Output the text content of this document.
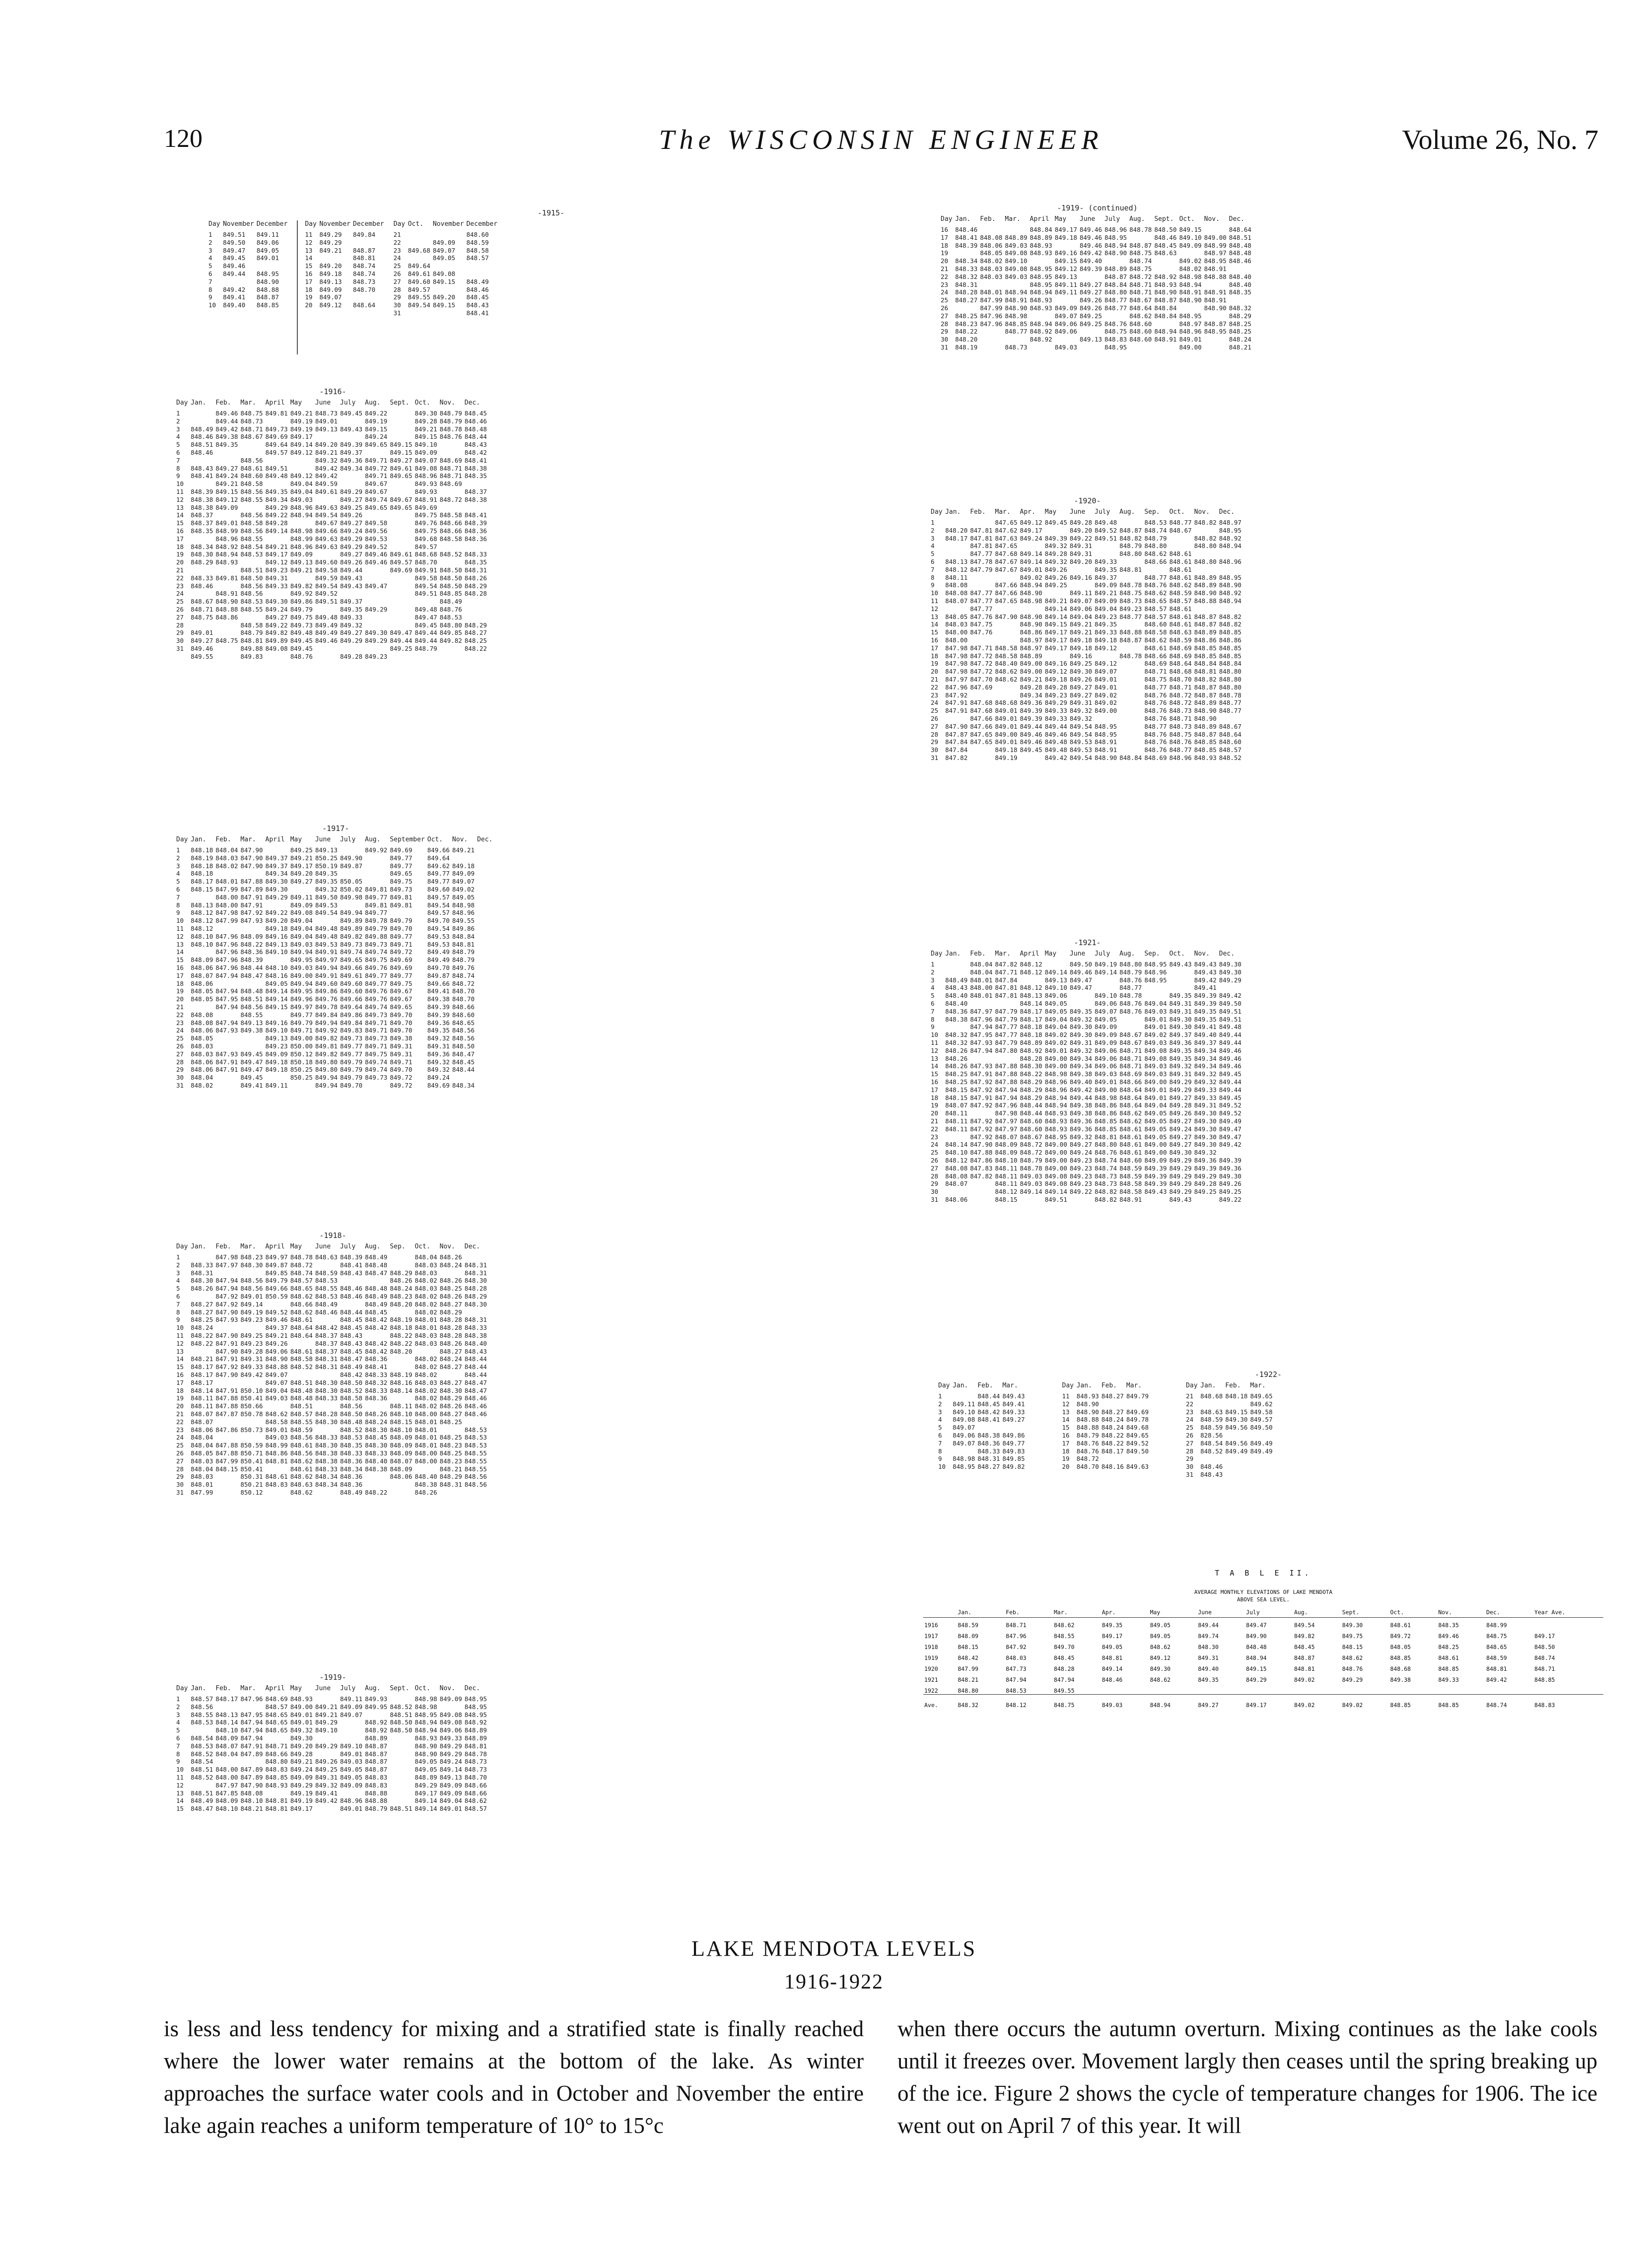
120	The WISCONSIN ENGINEER	Volume 26, No. 7
-1915-
Day	November	December
1	849.51	849.11
2	849.50	849.06
3	849.47	849.05
4	849.45	849.01
5	849.46	
6	849.44	848.95
7		848.90
8	849.42	848.88
9	849.41	848.87
10	849.40	848.85
Day	November	December
11	849.29	849.84
12	849.29	
13	849.21	848.87
14		848.81
15	849.20	848.74
16	849.18	848.74
17	849.13	848.73
18	849.09	848.70
19	849.07	
20	849.12	848.64
Day	Oct.	November	December
21			848.60
22		849.09	848.59
23	849.68	849.07	848.58
24		849.05	848.57
25	849.64		
26	849.61	849.08	
27	849.60	849.15	848.49
28	849.57		848.46
29	849.55	849.20	848.45
30	849.54	849.15	848.43
31			848.41
-1916-
Day	Jan.	Feb.	Mar.	April	May	June	July	Aug.	Sept.	Oct.	Nov.	Dec.
1		849.46	848.75	849.81	849.21	848.73	849.45	849.22		849.30	848.79	848.45
2		849.44	848.73		849.19	849.01		849.19		849.28	848.79	848.46
3	848.49	849.42	848.71	849.73	849.19	849.13	849.43	849.15		849.21	848.78	848.48
4	848.46	849.38	848.67	849.69	849.17			849.24		849.15	848.76	848.44
5	848.51	849.35		849.64	849.14	849.20	849.39	849.65	849.15	849.10		848.43
6	848.46			849.57	849.12	849.21	849.37		849.15	849.09		848.42
7			848.56			849.32	849.36	849.71	849.27	849.07	848.69	848.41
8	848.43	849.27	848.61	849.51		849.42	849.34	849.72	849.61	849.08	848.71	848.38
9	848.41	849.24	848.60	849.48	849.12	849.42		849.71	849.65	848.96	848.71	848.35
10		849.21	848.58		849.04	849.59		849.67		849.93	848.69	
11	848.39	849.15	848.56	849.35	849.04	849.61	849.29	849.67		849.93		848.37
12	848.38	849.12	848.55	849.34	849.03		849.27	849.74	849.67	848.91	848.72	848.38
13	848.38	849.09		849.29	848.96	849.63	849.25	849.65	849.65	849.69		
14	848.37		848.56	849.22	848.94	849.54	849.26			849.75	848.58	848.41
15	848.37	849.01	848.58	849.28		849.67	849.27	849.58		849.76	848.66	848.39
16	848.35	848.99	848.56	849.14	848.98	849.66	849.24	849.56		849.75	848.66	848.36
17		848.96	848.55		848.99	849.63	849.29	849.53		849.68	848.58	848.36
18	848.34	848.92	848.54	849.21	848.96	849.63	849.29	849.52		849.57		
19	848.30	848.94	848.53	849.17	849.09		849.27	849.46	849.61	848.68	848.52	848.33
20	848.29	848.93		849.12	849.13	849.60	849.26	849.46	849.57	848.70		848.35
21			848.51	849.23	849.21	849.58	849.44		849.69	849.91	848.50	848.31
22	848.33	849.81	848.50	849.31		849.59	849.43			849.58	848.50	848.26
23	848.46		848.56	849.33	849.82	849.54	849.43	849.47		849.54	848.50	848.29
24		848.91	848.56		849.92	849.52				849.51	848.85	848.28
25	848.67	848.90	848.53	849.30	849.86	849.51	849.37				848.49	
26	848.71	848.88	848.55	849.24	849.79		849.35	849.29		849.48	848.76	
27	848.75	848.86		849.27	849.75	849.48	849.33			849.47	848.53	
28			848.58	849.22	849.73	849.49	849.32			849.45	848.80	848.29
29	849.01		848.79	849.82	849.48	849.49	849.27	849.30	849.47	849.44	849.85	848.27
30	849.27	848.75	848.81	849.89	849.45	849.46	849.29	849.29	849.44	849.44	849.82	848.25
31	849.46		849.88	849.08	849.45				849.25	848.79		848.22
	849.55		849.83		848.76		849.28	849.23				
-1917-
Day	Jan.	Feb.	Mar.	April	May	June	July	Aug.	September	Oct.	Nov.	Dec.
1	848.18	848.04	847.90		849.25	849.13		849.92	849.69	849.66	849.21	
2	848.19	848.03	847.90	849.37	849.21	850.25	849.90		849.77	849.64		
3	848.18	848.02	847.90	849.37	849.17	850.19	849.87		849.77	849.62	849.18	
4	848.18			849.34	849.20	849.35			849.65	849.77	849.09	
5	848.17	848.01	847.88	849.30	849.27	849.35	850.05		849.75	849.77	849.07	
6	848.15	847.99	847.89	849.30		849.32	850.02	849.81	849.73	849.60	849.02	
7		848.00	847.91	849.29	849.11	849.50	849.98	849.77	849.81	849.57	849.05	
8	848.13	848.00	847.91		849.09	849.53		849.81	849.81	849.54	848.98	
9	848.12	847.98	847.92	849.22	849.08	849.54	849.94	849.77		849.57	848.96	
10	848.12	847.99	847.93	849.20	849.04		849.89	849.78	849.79	849.70	849.55	
11	848.12			849.18	849.04	849.48	849.89	849.79	849.70	849.54	849.86	
12	848.10	847.96	848.09	849.16	849.04	849.48	849.82	849.88	849.77	849.53	848.84	
13	848.10	847.96	848.22	849.13	849.03	849.53	849.73	849.73	849.71	849.53	848.81	
14		847.96	848.36	849.10	849.94	849.91	849.74	849.74	849.72	849.49	848.79	
15	848.09	847.96	848.39		849.95	849.97	849.65	849.75	849.69	849.49	848.79	
16	848.06	847.96	848.44	848.10	849.03	849.94	849.66	849.76	849.69	849.70	849.76	
17	848.07	847.94	848.47	848.16	849.00	849.91	849.61	849.77	849.77	849.87	848.74	
18	848.06			849.05	849.94	849.60	849.60	849.77	849.75	849.66	848.72	
19	848.05	847.94	848.48	849.14	849.95	849.86	849.60	849.76	849.67	849.41	848.70	
20	848.05	847.95	848.51	849.14	849.96	849.76	849.66	849.76	849.67	849.38	848.70	
21		847.94	848.56	849.15	849.97	849.78	849.64	849.74	849.65	849.39	848.66	
22	848.08		848.55		849.77	849.84	849.86	849.73	849.70	849.39	848.60	
23	848.08	847.94	849.13	849.16	849.79	849.94	849.84	849.71	849.70	849.36	848.65	
24	848.06	847.93	849.38	849.10	849.71	849.92	849.83	849.71	849.70	849.35	848.56	
25	848.05			849.13	849.00	849.82	849.73	849.73	849.38	849.32	848.56	
26	848.03			849.23	850.00	849.81	849.77	849.71	849.31	849.31	848.50	
27	848.03	847.93	849.45	849.09	850.12	849.82	849.77	849.75	849.31	849.36	848.47	
28	848.06	847.91	849.47	849.18	850.18	849.80	849.79	849.74	849.71	849.32	848.45	
29	848.06	847.91	849.47	849.18	850.25	849.80	849.79	849.74	849.70	849.32	848.44	
30	848.04		849.45		850.25	849.94	849.79	849.73	849.72	849.24		
31	848.02		849.41	849.11		849.94	849.70		849.72	849.69	848.34	
-1918-
Day	Jan.	Feb.	Mar.	April	May	June	July	Aug.	Sep.	Oct.	Nov.	Dec.
1		847.98	848.23	849.97	848.78	848.63	848.39	848.49		848.04	848.26	
2	848.33	847.97	848.30	849.87	848.72		848.41	848.48		848.03	848.24	848.31
3	848.31			849.85	848.74	848.59	848.43	848.47	848.29	848.03		848.31
4	848.30	847.94	848.56	849.79	848.57	848.53			848.26	848.02	848.26	848.30
5	848.26	847.94	848.56	849.66	848.65	848.55	848.46	848.48	848.24	848.03	848.25	848.28
6		847.92	849.01	850.59	848.62	848.53	848.46	848.49	848.23	848.02	848.26	848.29
7	848.27	847.92	849.14		848.66	848.49		848.49	848.20	848.02	848.27	848.30
8	848.27	847.90	849.19	849.52	848.62	848.46	848.44	848.45		848.02	848.29	
9	848.25	847.93	849.23	849.46	848.61		848.45	848.42	848.19	848.01	848.28	848.31
10	848.24			849.37	848.64	848.42	848.45	848.42	848.18	848.01	848.28	848.33
11	848.22	847.90	849.25	849.21	848.64	848.37	848.43		848.22	848.03	848.28	848.38
12	848.22	847.91	849.23	849.26		848.37	848.43	848.42	848.22	848.03	848.26	848.40
13		847.90	849.28	849.06	848.61	848.37	848.45	848.42	848.20		848.27	848.43
14	848.21	847.91	849.31	848.90	848.58	848.31	848.47	848.36		848.02	848.24	848.44
15	848.17	847.92	849.33	848.88	848.52	848.31	848.49	848.41		848.02	848.27	848.44
16	848.17	847.90	849.42	849.07			848.42	848.33	848.19	848.02		848.44
17	848.17			849.07	848.51	848.30	848.50	848.32	848.16	848.03	848.27	848.47
18	848.14	847.91	850.10	849.04	848.48	848.30	848.52	848.33	848.14	848.02	848.30	848.47
19	848.11	847.88	850.41	849.03	848.48	848.33	848.58	848.36		848.02	848.29	848.46
20	848.11	847.88	850.66		848.51		848.56		848.11	848.02	848.26	848.46
21	848.07	847.87	850.78	848.62	848.57	848.28	848.50	848.26	848.10	848.00	848.27	848.46
22	848.07			848.58	848.55	848.30	848.48	848.24	848.15	848.01	848.25	
23	848.06	847.86	850.73	849.01	848.59		848.52	848.30	848.10	848.01		848.53
24	848.04			849.03	848.56	848.33	848.53	848.45	848.09	848.01	848.25	848.53
25	848.04	847.88	850.59	848.99	848.61	848.30	848.35	848.30	848.09	848.01	848.23	848.53
26	848.05	847.88	850.71	848.86	848.56	848.38	848.33	848.33	848.09	848.00	848.25	848.55
27	848.03	847.99	850.41	848.81	848.62	848.38	848.36	848.40	848.07	848.00	848.23	848.55
28	848.04	848.15	850.41		848.61	848.33	848.34	848.38	848.09		848.21	848.55
29	848.03		850.31	848.61	848.62	848.34	848.36		848.06	848.40	848.29	848.56
30	848.01		850.21	848.83	848.63	848.34	848.36			848.38	848.31	848.56
31	847.99		850.12		848.62		848.49	848.22		848.26		
-1919-
Day	Jan.	Feb.	Mar.	April	May	June	July	Aug.	Sept.	Oct.	Nov.	Dec.
1	848.57	848.17	847.96	848.69	848.93		849.11	849.93		848.98	849.09	848.95
2	848.56			848.57	849.00	849.21	849.09	849.95	848.52	848.98		848.95
3	848.55	848.13	847.95	848.65	849.01	849.21	849.07		848.51	848.95	849.08	848.95
4	848.53	848.14	847.94	848.65	849.01	849.29		848.92	848.50	848.94	849.08	848.92
5		848.10	847.94	848.65	849.32	849.10		848.92	848.50	848.94	849.06	848.89
6	848.54	848.09	847.94		849.30			848.89		848.93	849.33	848.89
7	848.53	848.07	847.91	848.71	849.20	849.29	849.10	848.87		848.90	849.29	848.81
8	848.52	848.04	847.89	848.66	849.28		849.01	848.87		848.90	849.29	848.78
9	848.54			848.80	849.21	849.26	849.03	848.87		849.05	849.24	848.73
10	848.51	848.00	847.89	848.83	849.24	849.25	849.05	848.87		849.05	849.14	848.73
11	848.52	848.00	847.89	848.85	849.09	849.31	849.05	848.83		848.89	849.13	848.70
12		847.97	847.90	848.93	849.29	849.32	849.09	848.83		849.29	849.09	848.66
13	848.51	847.85	848.08		849.19	849.41		848.88		849.17	849.09	848.66
14	848.49	848.09	848.10	848.81	849.19	849.42	848.96	848.88		849.14	849.04	848.62
15	848.47	848.10	848.21	848.81	849.17		849.01	848.79	848.51	849.14	849.01	848.57
-1919- (continued)
Day	Jan.	Feb.	Mar.	April	May	June	July	Aug.	Sept.	Oct.	Nov.	Dec.
16	848.46			848.84	849.17	849.46	848.96	848.78	848.50	849.15		848.64
17	848.41	848.08	848.89	848.89	849.18	849.46	848.95		848.46	849.10	849.00	848.51
18	848.39	848.06	849.03	848.93		849.46	848.94	848.87	848.45	849.09	848.99	848.48
19		848.05	849.08	848.93	849.16	849.42	848.90	848.75	848.63		848.97	848.48
20	848.34	848.02	849.10		849.15	849.40		848.74		849.02	848.95	848.46
21	848.33	848.03	849.08	848.95	849.12	849.39	848.89	848.75		848.02	848.91	
22	848.32	848.03	849.03	848.95	849.13		848.87	848.72	848.92	848.98	848.88	848.40
23	848.31			848.95	849.11	849.27	848.84	848.71	848.93	848.94		848.40
24	848.28	848.01	848.94	848.94	849.11	849.27	848.80	848.71	848.90	848.91	848.91	848.35
25	848.27	847.99	848.91	848.93		849.26	848.77	848.67	848.87	848.90	848.91	
26		847.99	848.90	848.93	849.09	849.26	848.77	848.64	848.84		848.90	848.32
27	848.25	847.96	848.98		849.07	849.25		848.62	848.84	848.95		848.29
28	848.23	847.96	848.85	848.94	849.06	849.25	848.76	848.60		848.97	848.87	848.25
29	848.22		848.77	848.92	849.06		848.75	848.60	848.94	848.96	848.95	848.25
30	848.20			848.92		849.13	848.83	848.60	848.91	849.01		848.24
31	848.19		848.73		849.03		848.95			849.00		848.21
-1920-
Day	Jan.	Feb.	Mar.	Apr.	May	June	July	Aug.	Sep.	Oct.	Nov.	Dec.
1			847.65	849.12	849.45	849.28	849.48		848.53	848.77	848.82	848.97
2	848.20	847.81	847.62	849.17		849.20	849.52	848.87	848.74	848.67		848.95
3	848.17	847.81	847.63	849.24	849.39	849.22	849.51	848.82	848.79		848.82	848.92
4		847.81	847.65		849.32	849.31		848.79	848.80		848.80	848.94
5		847.77	847.68	849.14	849.28	849.31		848.80	848.62	848.61		
6	848.13	847.78	847.67	849.14	849.32	849.20	849.33		848.66	848.61	848.80	848.96
7	848.12	847.79	847.67	849.01	849.26		849.35	848.81		848.61		
8	848.11			849.02	849.26	849.16	849.37		848.77	848.61	848.89	848.95
9	848.08		847.66	848.94	849.25		849.09	848.78	848.76	848.62	848.89	848.90
10	848.08	847.77	847.66	848.90		849.11	849.21	848.75	848.62	848.59	848.90	848.92
11	848.07	847.77	847.65	848.98	849.21	849.07	849.09	848.73	848.65	848.57	848.88	848.94
12		847.77			849.14	849.06	849.04	849.23	848.57	848.61		
13	848.05	847.76	847.90	848.90	849.14	849.04	849.23	848.77	848.57	848.61	848.87	848.82
14	848.03	847.75		848.90	849.15	849.21	849.35		848.60	848.61	848.87	848.82
15	848.00	847.76		848.86	849.17	849.21	849.33	848.88	848.58	848.63	848.89	848.85
16	848.00			848.97	849.17	849.18	849.18	848.87	848.62	848.59	848.86	848.86
17	847.98	847.71	848.58	848.97	849.17	849.18	849.12		848.61	848.69	848.85	848.85
18	847.98	847.72	848.58	848.89		849.16		848.78	848.66	848.69	848.85	848.85
19	847.98	847.72	848.40	849.00	849.16	849.25	849.12		848.69	848.64	848.84	848.84
20	847.98	847.72	848.62	849.00	849.12	849.30	849.07		848.71	848.68	848.81	848.80
21	847.97	847.70	848.62	849.21	849.18	849.26	849.01		848.75	848.70	848.82	848.80
22	847.96	847.69		849.28	849.28	849.27	849.01		848.77	848.71	848.87	848.80
23	847.92			849.34	849.23	849.27	849.02		848.76	848.72	848.87	848.78
24	847.91	847.68	848.68	849.36	849.29	849.31	849.02		848.76	848.72	848.89	848.77
25	847.91	847.68	849.01	849.39	849.33	849.32	849.00		848.76	848.73	848.90	848.77
26		847.66	849.01	849.39	849.33	849.32			848.76	848.71	848.90	
27	847.90	847.66	849.01	849.44	849.44	849.54	848.95		848.77	848.73	848.89	848.67
28	847.87	847.65	849.00	849.46	849.46	849.54	848.95		848.76	848.75	848.87	848.64
29	847.84	847.65	849.01	849.46	849.48	849.53	848.91		848.76	848.76	848.85	848.60
30	847.84		849.18	849.45	849.48	849.53	848.91		848.76	848.77	848.85	848.57
31	847.82		849.19		849.42	849.54	848.90	848.84	848.69	848.96	848.93	848.52
-1921-
Day	Jan.	Feb.	Mar.	April	May	June	July	Aug.	Sep.	Oct.	Nov.	Dec.
1		848.04	847.82	848.12		849.50	849.19	848.80	848.95	849.43	849.43	849.30
2		848.04	847.71	848.12	849.14	849.46	849.14	848.79	848.96		849.43	849.30
3	848.49	848.01	847.84		849.13	849.47		848.76	848.95		849.42	849.29
4	848.43	848.00	847.81	848.12	849.10	849.47		848.77			849.41	
5	848.40	848.01	847.81	848.13	849.06		849.10	848.78		849.35	849.39	849.42
6	848.40			848.14	849.05		849.06	848.76	849.04	849.31	849.39	849.50
7	848.36	847.97	847.79	848.17	849.05	849.35	849.07	848.76	849.03	849.31	849.35	849.51
8	848.38	847.96	847.79	848.17	849.04	849.32	849.05		849.01	849.30	849.35	849.51
9		847.94	847.77	848.18	849.04	849.30	849.09		849.01	849.30	849.41	849.48
10	848.32	847.95	847.77	848.18	849.02	849.30	849.09	848.67	849.02	849.37	849.40	849.44
11	848.32	847.93	847.79	848.89	849.02	849.31	849.09	848.67	849.03	849.36	849.37	849.44
12	848.26	847.94	847.80	848.92	849.01	849.32	849.06	848.71	849.08	849.35	849.34	849.46
13	848.26			848.28	849.00	849.34	849.06	848.71	849.08	849.35	849.34	849.46
14	848.26	847.93	847.88	848.30	849.00	849.34	849.06	848.71	849.03	849.32	849.34	849.46
15	848.25	847.91	847.88	848.22	848.98	849.38	849.03	848.69	849.03	849.31	849.32	849.45
16	848.25	847.92	847.88	848.29	848.96	849.40	849.01	848.66	849.00	849.29	849.32	849.44
17	848.15	847.92	847.94	848.29	848.96	849.42	849.00	848.64	849.01	849.29	849.33	849.44
18	848.15	847.91	847.94	848.29	848.94	849.44	848.98	848.64	849.01	849.27	849.33	849.45
19	848.07	847.92	847.96	848.44	848.94	849.38	848.86	848.64	849.04	849.28	849.31	849.52
20	848.11		847.98	848.44	848.93	849.38	848.86	848.62	849.05	849.26	849.30	849.52
21	848.11	847.92	847.97	848.60	848.93	849.36	848.85	848.62	849.05	849.27	849.30	849.49
22	848.11	847.92	847.97	848.60	848.93	849.36	848.85	848.61	849.05	849.24	849.30	849.47
23		847.92	848.07	848.67	848.95	849.32	848.81	848.61	849.05	849.27	849.30	849.47
24	848.14	847.90	848.09	848.72	849.00	849.27	848.80	848.61	849.00	849.27	849.30	849.42
25	848.10	847.88	848.09	848.72	849.00	849.24	848.76	848.61	849.00	849.30	849.32	
26	848.12	847.86	848.10	848.79	849.00	849.23	848.74	848.60	849.09	849.29	849.36	849.39
27	848.08	847.83	848.11	848.78	849.00	849.23	848.74	848.59	849.39	849.29	849.39	849.36
28	848.08	847.82	848.11	849.03	849.08	849.23	848.73	848.59	849.39	849.29	849.29	849.30
29	848.07		848.11	849.03	849.08	849.23	848.73	848.58	849.39	849.29	849.28	849.26
30			848.12	849.14	849.14	849.22	848.82	848.58	849.43	849.29	849.25	849.25
31	848.06		848.15		849.51		848.82	848.91		849.43		849.22
-1922-
Day	Jan.	Feb.	Mar.
1		848.44	849.43
2	849.11	848.45	849.41
3	849.10	848.42	849.33
4	849.08	848.41	849.27
5	849.07		
6	849.06	848.38	849.86
7	849.07	848.36	849.77
8		848.33	849.83
9	848.98	848.31	849.85
10	848.95	848.27	849.82
Day	Jan.	Feb.	Mar.
11	848.93	848.27	849.79
12	848.90		
13	848.90	848.27	849.69
14	848.88	848.24	849.78
15	848.88	848.24	849.68
16	848.79	848.22	849.65
17	848.76	848.22	849.52
18	848.76	848.17	849.50
19	848.72		
20	848.70	848.16	849.63
Day	Jan.	Feb.	Mar.
21	848.68	848.18	849.65
22			849.62
23	848.63	849.15	849.58
24	848.59	849.30	849.57
25	848.59	849.56	849.50
26	828.56		
27	848.54	849.56	849.49
28	848.52	849.49	849.49
29			
30	848.46		
31	848.43		
T A B L E II.
AVERAGE MONTHLY ELEVATIONS OF LAKE MENDOTA
ABOVE SEA LEVEL.
	Jan.	Feb.	Mar.	Apr.	May	June	July	Aug.	Sept.	Oct.	Nov.	Dec.	Year Ave.
1916	848.59	848.71	848.62	849.35	849.05	849.44	849.47	849.54	849.30	848.61	848.35	848.99	
1917	848.09	847.96	848.55	849.17	849.05	849.74	849.90	849.82	849.75	849.72	849.46	848.75	849.17
1918	848.15	847.92	849.70	849.05	848.62	848.30	848.48	848.45	848.15	848.05	848.25	848.65	848.50
1919	848.42	848.03	848.45	848.81	849.12	849.31	848.94	848.87	848.62	848.85	848.61	848.59	848.74
1920	847.99	847.73	848.28	849.14	849.30	849.40	849.15	848.81	848.76	848.68	848.85	848.81	848.71
1921	848.21	847.94	847.94	848.46	848.62	849.35	849.29	849.02	849.29	849.38	849.33	849.42	848.85
1922	848.80	848.53	849.55										
Ave.	848.32	848.12	848.75	849.03	848.94	849.27	849.17	849.02	849.02	848.85	848.85	848.74	848.83
LAKE MENDOTA LEVELS
1916-1922
is less and less tendency for mixing and a stratified state is finally reached where the lower water remains at the bottom of the lake. As winter approaches the surface water cools and in October and November the entire lake again reaches a uniform temperature of 10° to 15°c
when there occurs the autumn overturn. Mixing continues as the lake cools until it freezes over. Movement largly then ceases until the spring breaking up of the ice. Figure 2 shows the cycle of temperature changes for 1906. The ice went out on April 7 of this year. It will
